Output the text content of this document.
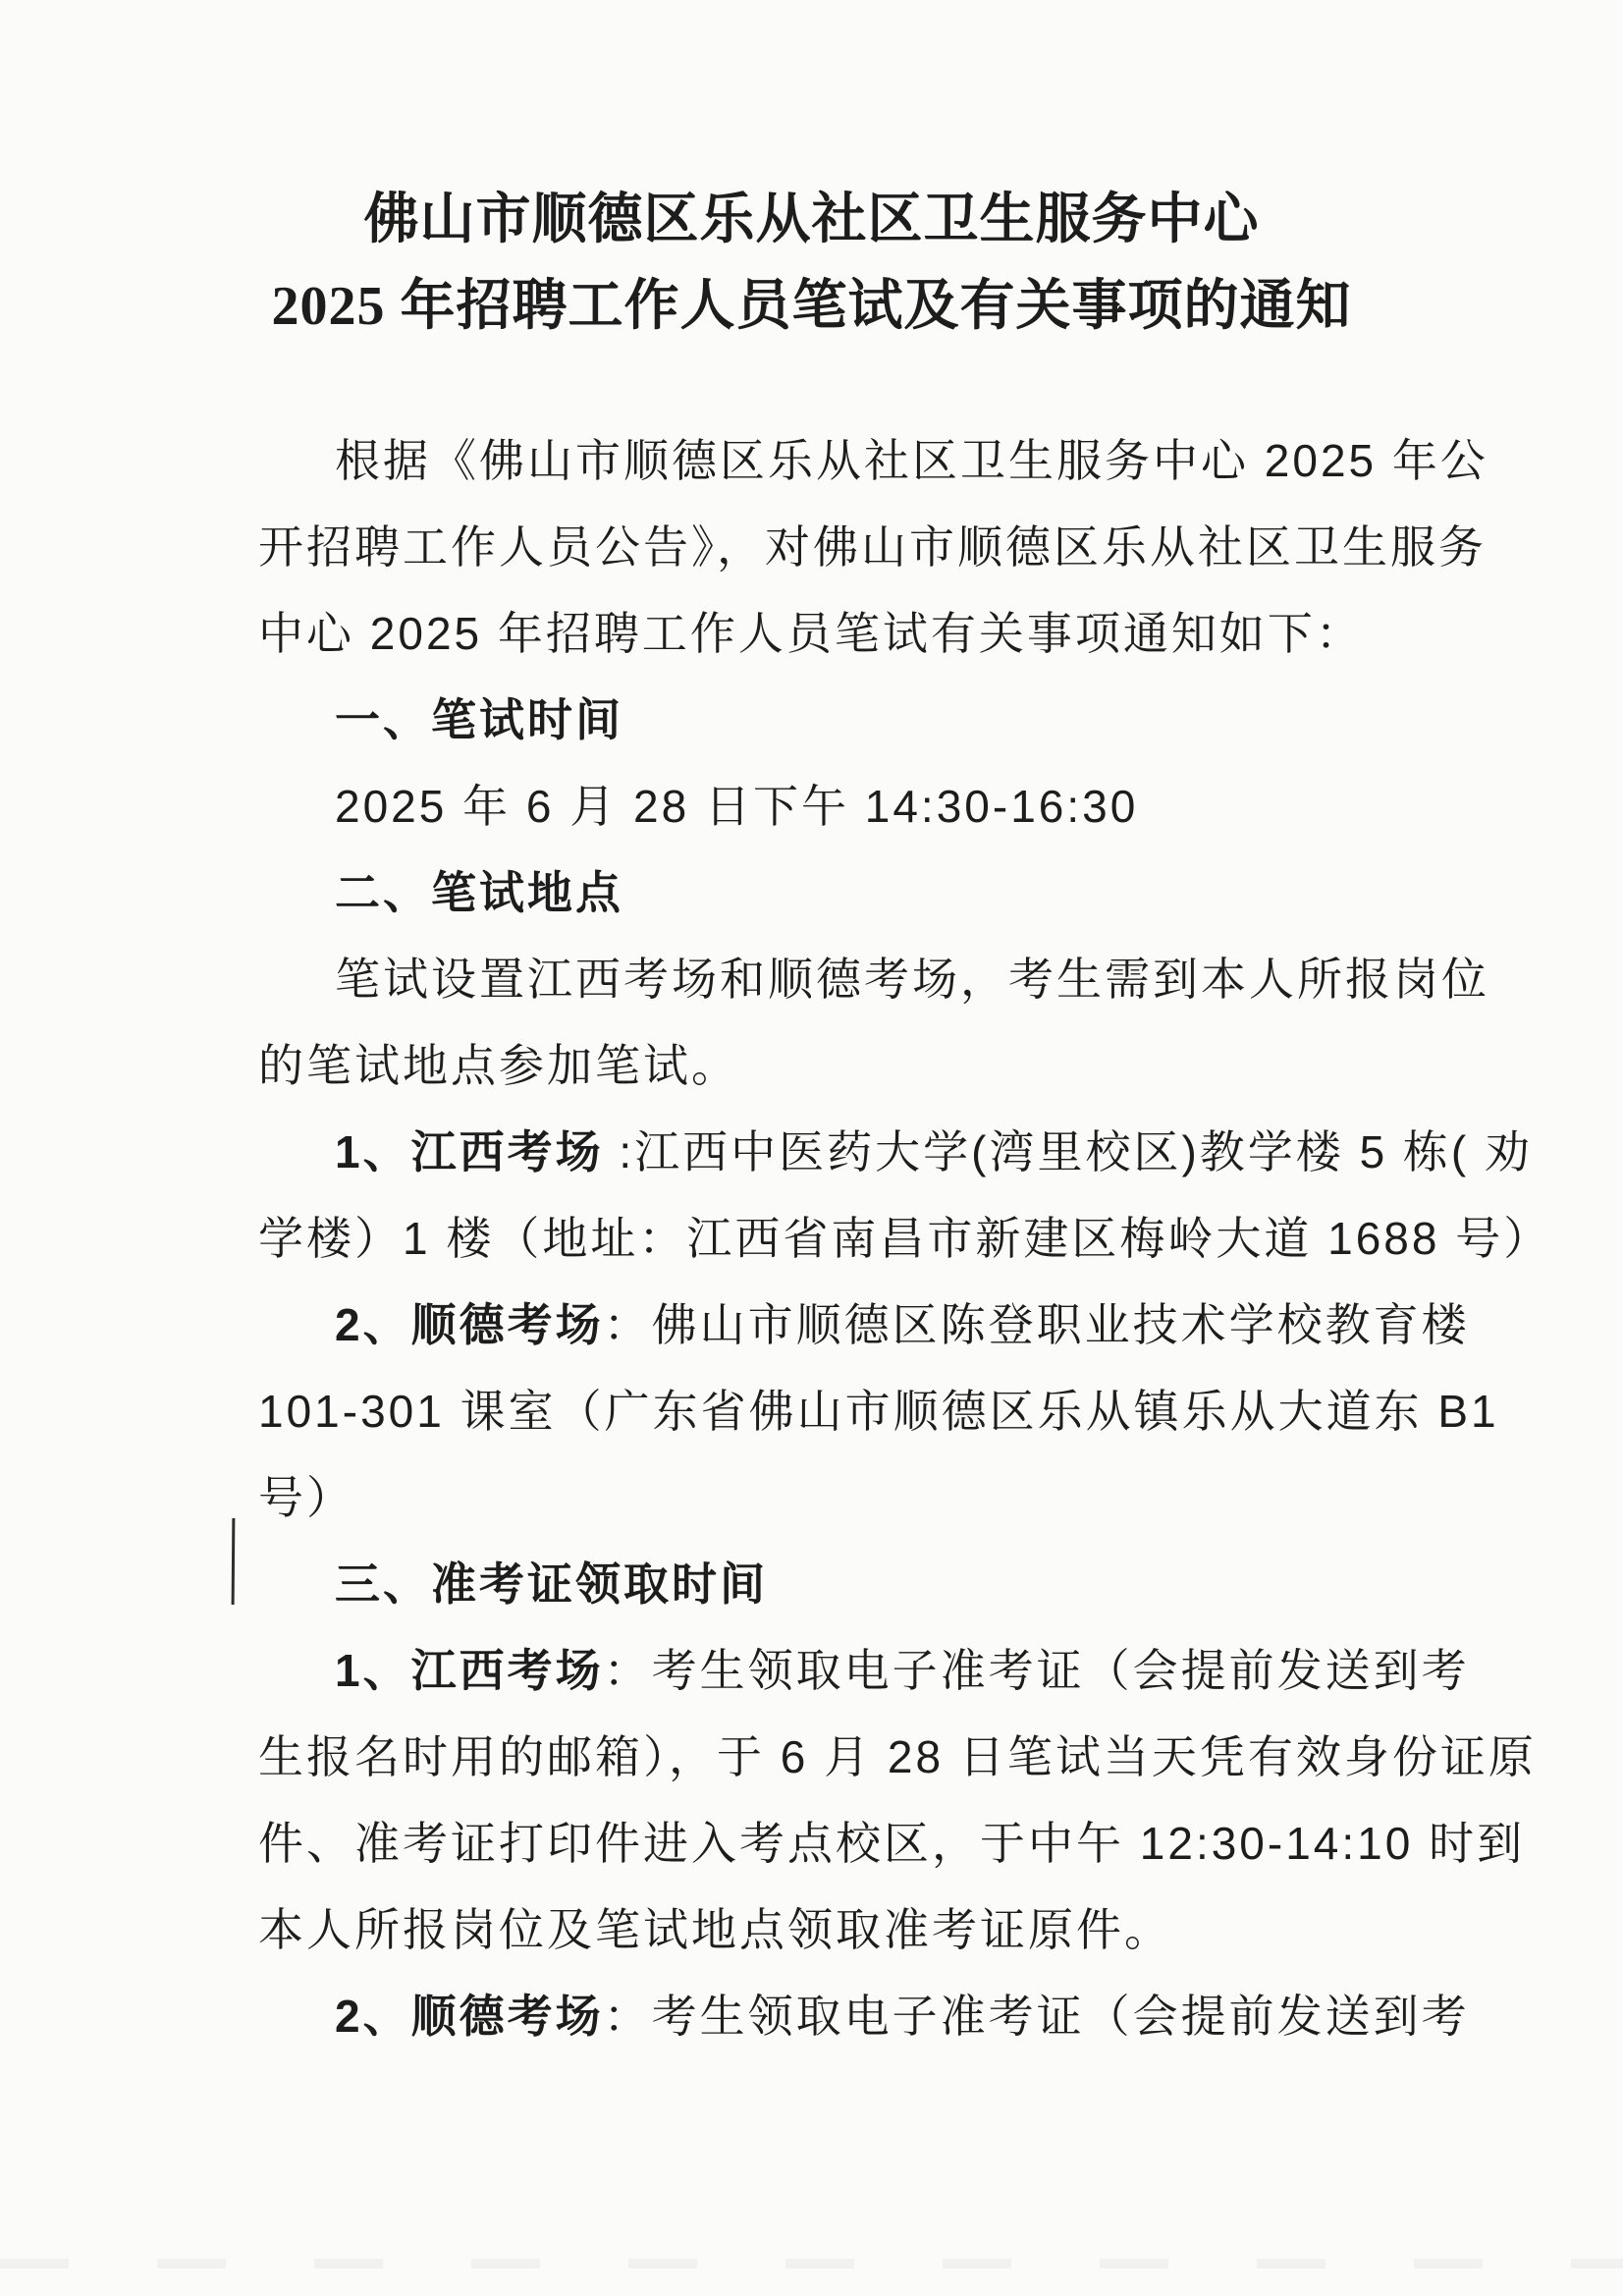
佛山市顺德区乐从社区卫生服务中心
2025 年招聘工作人员笔试及有关事项的通知
根据《佛山市顺德区乐从社区卫生服务中心 2025 年公
开招聘工作人员公告》，对佛山市顺德区乐从社区卫生服务
中心 2025 年招聘工作人员笔试有关事项通知如下：
一、笔试时间
2025 年 6 月 28 日下午 14:30-16:30
二、笔试地点
笔试设置江西考场和顺德考场，考生需到本人所报岗位
的笔试地点参加笔试。
1、江西考场 :江西中医药大学(湾里校区)教学楼 5 栋( 劝
学楼）1 楼（地址：江西省南昌市新建区梅岭大道 1688 号）
2、顺德考场：佛山市顺德区陈登职业技术学校教育楼
101-301 课室（广东省佛山市顺德区乐从镇乐从大道东 B1
号）
三、准考证领取时间
1、江西考场：考生领取电子准考证（会提前发送到考
生报名时用的邮箱），于 6 月 28 日笔试当天凭有效身份证原
件、准考证打印件进入考点校区，于中午 12:30-14:10 时到
本人所报岗位及笔试地点领取准考证原件。
2、顺德考场：考生领取电子准考证（会提前发送到考
